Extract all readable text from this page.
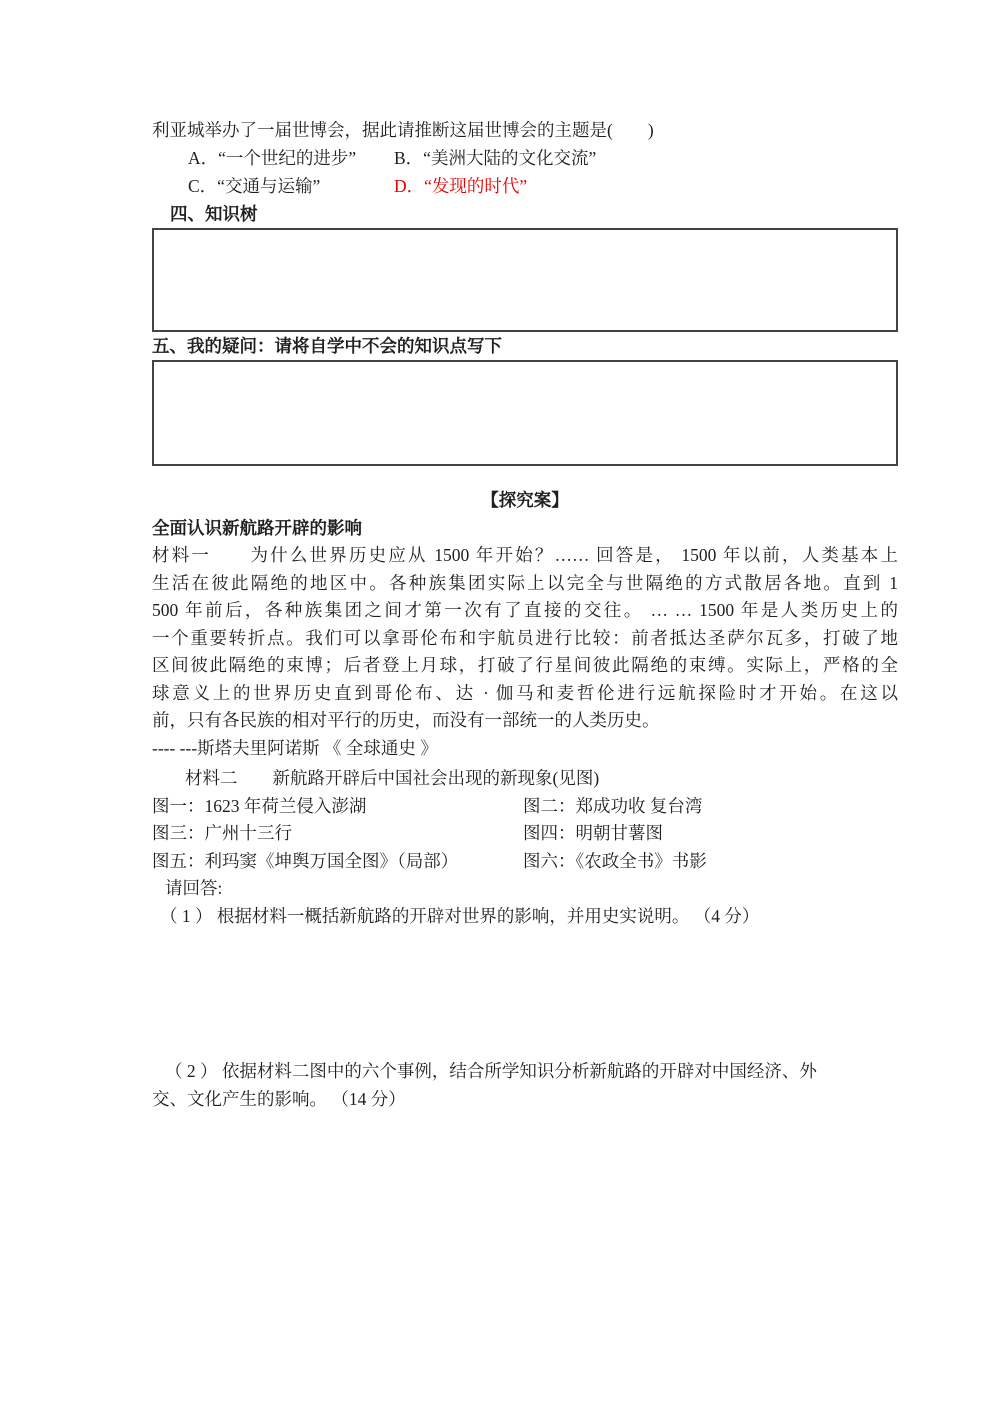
利亚城举办了一届世博会，据此请推断这届世博会的主题是(　　)
A．“一个世纪的进步”	B．“美洲大陆的文化交流”
C．“交通与运输”	D．“发现的时代”
四、知识树
五、我的疑问：请将自学中不会的知识点写下
【探究案】
全面认识新航路开辟的影响
材料一　　为什么世界历史应从 1500 年开始？…… 回答是， 1500 年以前，人类基本上
生活在彼此隔绝的地区中。各种族集团实际上以完全与世隔绝的方式散居各地。直到 1
500 年前后，各种族集团之间才第一次有了直接的交往。 … … 1500 年是人类历史上的
一个重要转折点。我们可以拿哥伦布和宇航员进行比较：前者抵达圣萨尔瓦多，打破了地
区间彼此隔绝的束博；后者登上月球，打破了行星间彼此隔绝的束缚。实际上，严格的全
球意义上的世界历史直到哥伦布、达 · 伽马和麦哲伦进行远航探险时才开始。在这以
前，只有各民族的相对平行的历史，而没有一部统一的人类历史。
---- ---斯塔夫里阿诺斯 《 全球通史 》
材料二　　新航路开辟后中国社会出现的新现象(见图)
图一：1623 年荷兰侵入澎湖	图二：郑成功收 复台湾
图三：广州十三行	图四：明朝甘薯图
图五：利玛窦《坤舆万国全图》（局部）	图六：《农政全书》书影
请回答:
（ 1 ） 根据材料一概括新航路的开辟对世界的影响，并用史实说明。 （4 分）
（ 2 ） 依据材料二图中的六个事例，结合所学知识分析新航路的开辟对中国经济、外
交、文化产生的影响。 （14 分）
